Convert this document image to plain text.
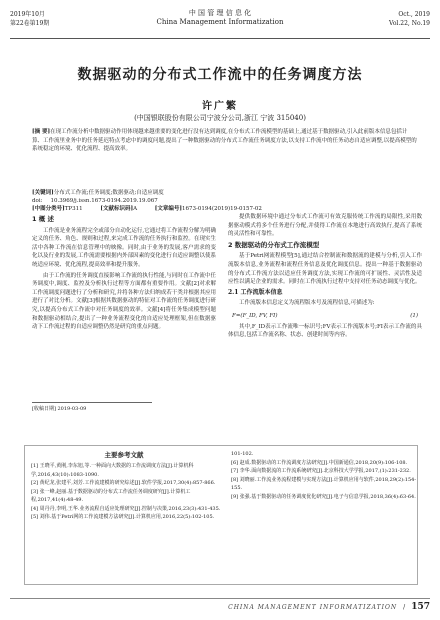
2019年10月
第22卷第19期
中 国 管 理 信 息 化
China Management Informatization
Oct., 2019
Vol.22, No.19
数据驱动的分布式工作流中的任务调度方法
许广繁
(中国银联股份有限公司宁波分公司,浙江 宁波 315040)

[摘 要]在现工作流分析中数据驱动作用体现越来越重要的变化进行没有达到调度,在分布式工作流模型的基础上,通过基于数据驱动,引入此前版本信息包括计算、工作流里业务中的任务延迟特点考虑中的调度问题,提出了一种数据驱动的分布式工作流任务调度方法,以支持工作流中的任务动态自适应调整,以提高模型的系统稳定的环境、优化流程、提高效率。

[关键词]分布式工作流;任务调度;数据驱动;自适应调度
doi: 10.3969/j.issn.1673-0194.2019.19.067
[中图分类号]TP311	[文献标识码]A	[文章编号]1673-0194(2019)19-0157-02
1 概 述

工作流是业务流程完全或部分自动化运行,它通过将工作流程分解为明确定义的任务、角色、规则和过程,来完成工作流的任务执行和监控。在现实生活中各种工作流在信息管理中的映像。同时,由于业务的发展,客户需求的变化以及行业的发展,工作流需要根据内外部因素的变化进行自适应调整以使系统适应环境、优化流程,提高效率和提升服务。

由于工作流的任务调度直接影响工作流的执行性能,与同时在工作流中任务调度中,调度、监控及分析执行过程等方面都有重要作用。文献[2]对求解工作流调度问题进行了分析和研究,并将各种方法归纳成若干类并根据其应用进行了对比分析。文献[3]根据其数据驱动的特征对工作流的任务调度进行研究,以提高分布式工作流中对任务调度的效率。文献[4]将任务集成模型问题和数据驱动相结合,提出了一种业务流程变化的自适应处理框架,但在数据驱动下工作流过程的自适应调整仍然是研究的重点问题。

[收稿日期] 2019-03-09

提供数据环境中通过分布式工作流可有效克服传统工作流的局限性,采用数据驱动模式将多个任务进行分配,并使得工作流在本地进行高效执行,提高了系统的灵活性和可靠性。

2 数据驱动的分布式工作流模型

基于Petri网流程模型[5],通过结合控制流和数据流的建模与分析,引入工作流版本信息,业务流程和流程任务信息及优化调度信息。提出一种基于数据驱动的分布式工作流方法以适应任务调度方法,实现工作流的可扩展性、灵活性及适应性以满足企业的需求。同时在工作流执行过程中支持对任务动态调度与优化。

2.1 工作流版本信息

工作流版本信息定义为流程版本号及流程信息,可描述为:

F=(F_ID, FV, FI)	(1)

其中,F_ID表示工作流唯一标识号;FV表示工作流版本号;FI表示工作流的具体信息,包括工作流名称、状态、创建时间等内容。

主要参考文献
[1] 王晓平,黄刚,李东旭,等.一种面向大数据的工作流调度方法[J].计算机科学,2016,43(10):1083-1090.
[2] 黄纪龙,张建平,刘芳.工作流建模的研究综述[J].软件学报,2017,30(4):857-866.
[3] 张一峰,赵丽.基于数据驱动的分布式工作流任务调度研究[J].计算机工程,2017,41(4):48-49.
[4] 周丹丹,李明,王华.业务流程自适应处理研究[J].控制与决策,2016,23(3):431-435.
[5] 刘伟.基于Petri网的工作流建模方法研究[J].计算机应用,2016,22(5):102-105.
101-102.
[6] 赵成.数据驱动的工作流调度方法研究[J].中国新通信,2018,20(9):106-108.
[7] 李华.面向数据流的工作流系统研究[J].北京科技大学学报,2017,(1):231-232.
[8] 刘晓丽.工作流业务流程建模与实现方法[J].计算机应用与软件,2018,29(2):154-155.
[9] 张强.基于数据驱动的任务调度优化研究[J].电子与信息学报,2018,36(4):63-64.
CHINA MANAGEMENT INFORMATIZATION / 157
